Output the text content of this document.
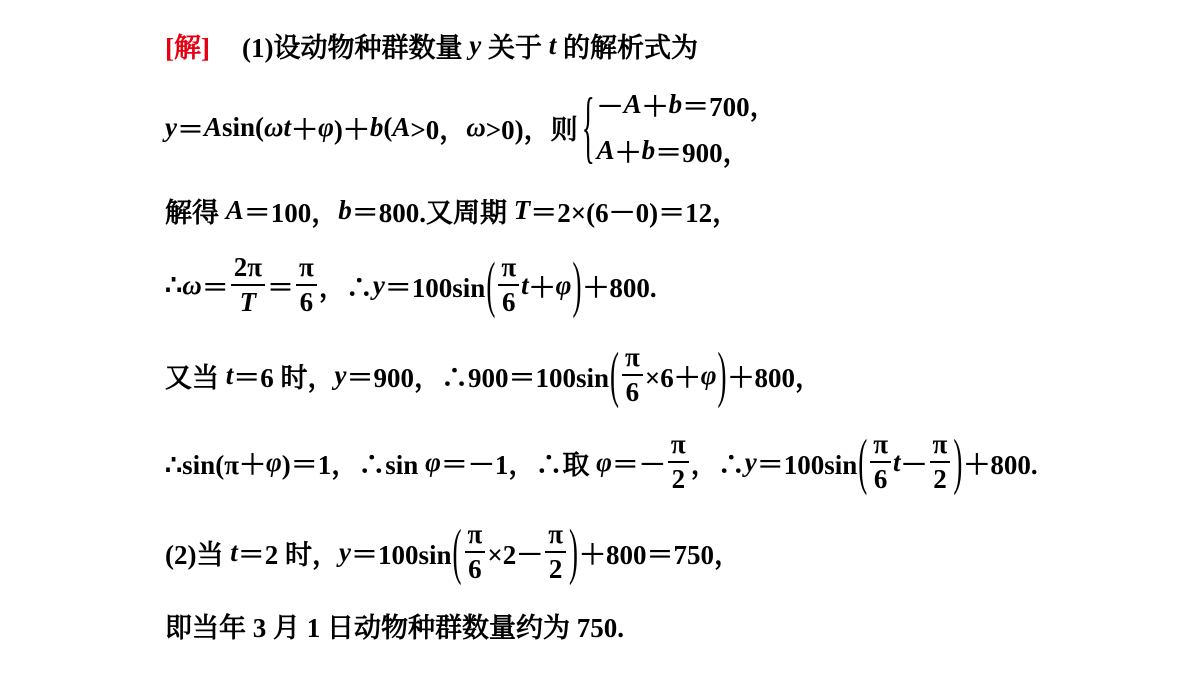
[解] (1)设动物种群数量 y 关于 t 的解析式为
y ＝ A sin( ωt ＋ φ )＋ b ( A >0， ω >0)，则 { － A ＋ b ＝700，
A ＋ b ＝900，
解得 A ＝100， b ＝800.又周期 T ＝2×(6－0)＝12，
∴ $\omega = \frac{2\pi}{T} = \frac{\pi}{6}$ ，∴ y ＝100sin ( $\frac{\pi}{6}$ t ＋ φ ) ＋800.
又当 t ＝6 时， y ＝900，∴900＝100sin ( $\frac{\pi}{6} \times 6+ \varphi$ ) ＋800，
∴sin(π＋ φ )＝1，∴sin φ ＝－1，∴取 $\varphi =- \frac{\pi}{2}$ ，∴ y ＝100sin ( $\frac{\pi}{6}$ $t - \frac{\pi}{2}$ ) ＋800.
(2)当 t ＝2 时， y ＝100sin ( $\frac{\pi}{6} \times 2- \frac{\pi}{2}$ ) ＋800＝750，
即当年 3 月 1 日动物种群数量约为 750.
